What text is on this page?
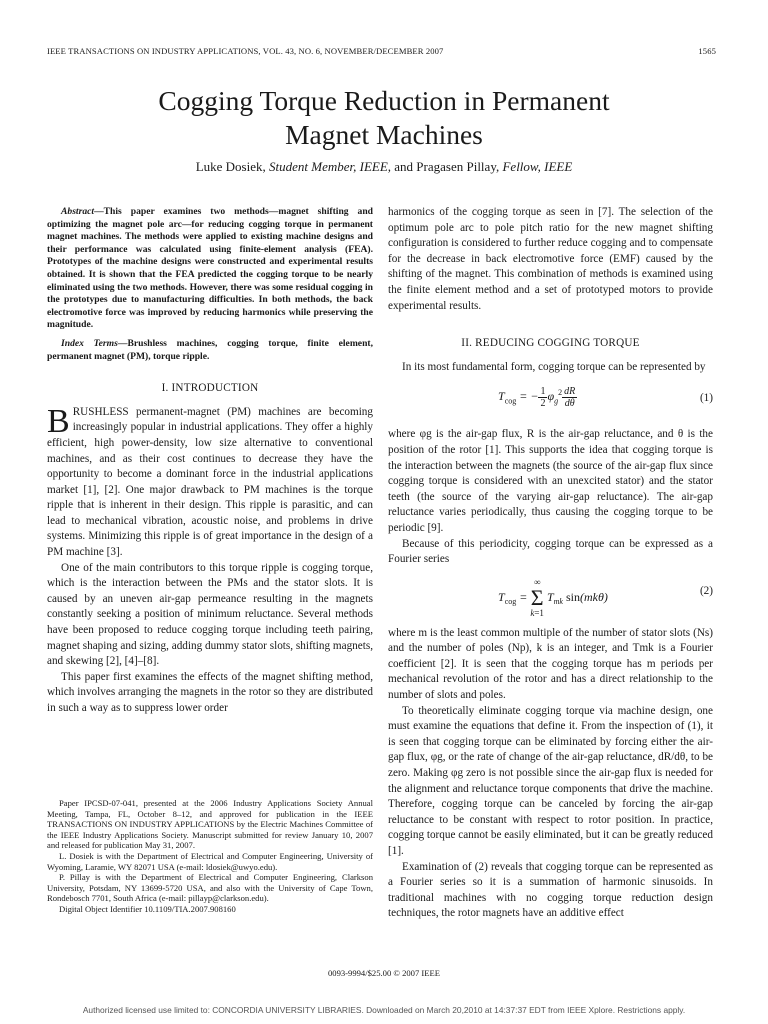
IEEE TRANSACTIONS ON INDUSTRY APPLICATIONS, VOL. 43, NO. 6, NOVEMBER/DECEMBER 2007	1565
Cogging Torque Reduction in Permanent
Magnet Machines
Luke Dosiek, Student Member, IEEE, and Pragasen Pillay, Fellow, IEEE

Abstract—This paper examines two methods—magnet shifting and optimizing the magnet pole arc—for reducing cogging torque in permanent magnet machines. The methods were applied to existing machine designs and their performance was calculated using finite-element analysis (FEA). Prototypes of the machine designs were constructed and experimental results obtained. It is shown that the FEA predicted the cogging torque to be nearly eliminated using the two methods. However, there was some residual cogging in the prototypes due to manufacturing difficulties. In both methods, the back electromotive force was improved by reducing harmonics while preserving the magnitude.

Index Terms—Brushless machines, cogging torque, finite element, permanent magnet (PM), torque ripple.

I. INTRODUCTION

BRUSHLESS permanent-magnet (PM) machines are becoming increasingly popular in industrial applications. They offer a highly efficient, high power-density, low size alternative to conventional machines, and as their cost continues to decrease they have the opportunity to become a dominant force in the industrial applications market [1], [2]. One major drawback to PM machines is the torque ripple that is inherent in their design. This ripple is parasitic, and can lead to mechanical vibration, acoustic noise, and problems in drive systems. Minimizing this ripple is of great importance in the design of a PM machine [3].

One of the main contributors to this torque ripple is cogging torque, which is the interaction between the PMs and the stator slots. It is caused by an uneven air-gap permeance resulting in the magnets constantly seeking a position of minimum reluctance. Several methods have been proposed to reduce cogging torque including teeth pairing, magnet shaping and sizing, adding dummy stator slots, shifting magnets, and skewing [2], [4]–[8].

This paper first examines the effects of the magnet shifting method, which involves arranging the magnets in the rotor so they are distributed in such a way as to suppress lower order

Paper IPCSD-07-041, presented at the 2006 Industry Applications Society Annual Meeting, Tampa, FL, October 8–12, and approved for publication in the IEEE TRANSACTIONS ON INDUSTRY APPLICATIONS by the Electric Machines Committee of the IEEE Industry Applications Society. Manuscript submitted for review January 10, 2007 and released for publication May 31, 2007.

L. Dosiek is with the Department of Electrical and Computer Engineering, University of Wyoming, Laramie, WY 82071 USA (e-mail: ldosiek@uwyo.edu).

P. Pillay is with the Department of Electrical and Computer Engineering, Clarkson University, Potsdam, NY 13699-5720 USA, and also with the University of Cape Town, Rondebosch 7701, South Africa (e-mail: pillayp@clarkson.edu).

Digital Object Identifier 10.1109/TIA.2007.908160

harmonics of the cogging torque as seen in [7]. The selection of the optimum pole arc to pole pitch ratio for the new magnet shifting configuration is considered to further reduce cogging and to compensate for the decrease in back electromotive force (EMF) caused by the shifting of the magnet. This combination of methods is examined using the finite element method and a set of prototyped motors to provide experimental results.

II. REDUCING COGGING TORQUE

In its most fundamental form, cogging torque can be represented by

$T_{cog}$ = − $\frac{1}{2} \varphi_g^2 \frac{dR}{d\theta}$	(1)

where φg is the air-gap flux, R is the air-gap reluctance, and θ is the position of the rotor [1]. This supports the idea that cogging torque is the interaction between the magnets (the source of the air-gap flux since cogging torque is considered with an unexcited stator) and the stator teeth (the source of the varying air-gap reluctance). The air-gap reluctance varies periodically, thus causing the cogging torque to be periodic [9].

Because of this periodicity, cogging torque can be expressed as a Fourier series

$T_{cog}$ = ∞
Σ
k=1 $T_{mk}$ sin(mkθ)	(2)

where m is the least common multiple of the number of stator slots (Ns) and the number of poles (Np), k is an integer, and Tmk is a Fourier coefficient [2]. It is seen that the cogging torque has m periods per mechanical revolution of the rotor and has a direct relationship to the number of slots and poles.

To theoretically eliminate cogging torque via machine design, one must examine the equations that define it. From the inspection of (1), it is seen that cogging torque can be eliminated by forcing either the air-gap flux, φg, or the rate of change of the air-gap reluctance, dR/dθ, to be zero. Making φg zero is not possible since the air-gap flux is needed for the alignment and reluctance torque components that drive the machine. Therefore, cogging torque can be canceled by forcing the air-gap reluctance to be constant with respect to rotor position. In practice, cogging torque cannot be easily eliminated, but it can be greatly reduced [1].

Examination of (2) reveals that cogging torque can be represented as a Fourier series so it is a summation of harmonic sinusoids. In traditional machines with no cogging torque reduction design techniques, the rotor magnets have an additive effect

0093-9994/$25.00 © 2007 IEEE
Authorized licensed use limited to: CONCORDIA UNIVERSITY LIBRARIES. Downloaded on March 20,2010 at 14:37:37 EDT from IEEE Xplore. Restrictions apply.
